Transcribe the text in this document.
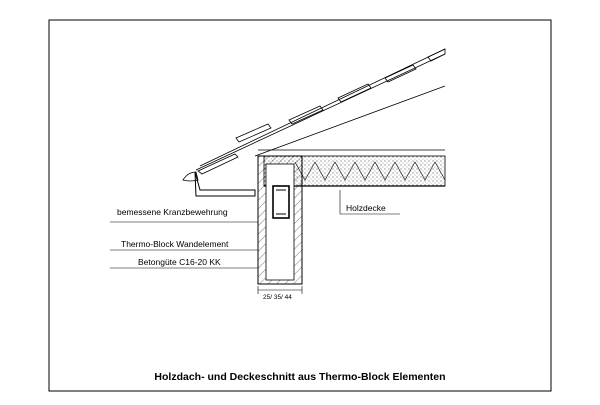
25/ 35/ 44
bemessene Kranzbewehrung
Thermo-Block Wandelement
Betongüte C16-20 KK
Holzdecke
Holzdach- und Deckeschnitt aus Thermo-Block Elementen
